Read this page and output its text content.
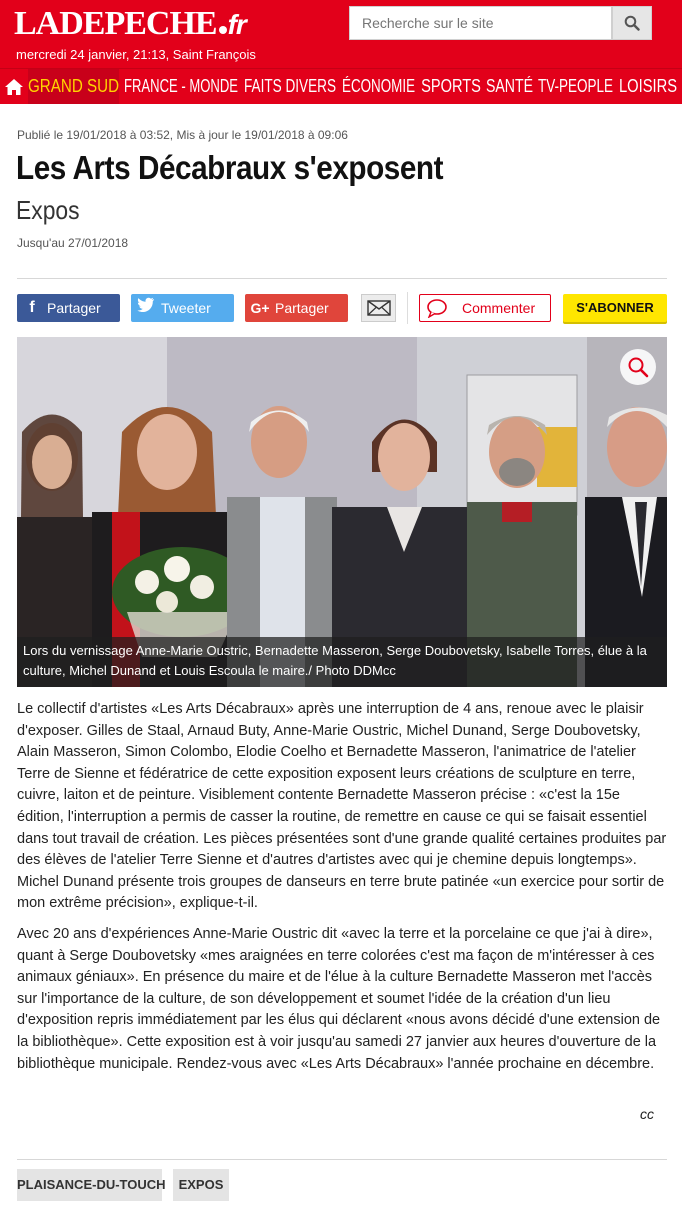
LADEPECHE fr
mercredi 24 janvier, 21:13, Saint François
Recherche sur le site
GRAND SUD FRANCE - MONDE FAITS DIVERS ÉCONOMIE SPORTS SANTÉ TV-PEOPLE LOISIRS
Publié le 19/01/2018 à 03:52, Mis à jour le 19/01/2018 à 09:06
Les Arts Décabraux s'exposent
Expos
Jusqu'au 27/01/2018
f Partager	Tweeter	G+ Partager	Commenter	S'ABONNER
Lors du vernissage Anne-Marie Oustric, Bernadette Masseron, Serge Doubovetsky, Isabelle Torres, élue à la culture, Michel Dunand et Louis Escoula le maire./ Photo DDMcc

Le collectif d'artistes «Les Arts Décabraux» après une interruption de 4 ans, renoue avec le plaisir d'exposer. Gilles de Staal, Arnaud Buty, Anne-Marie Oustric, Michel Dunand, Serge Doubovetsky, Alain Masseron, Simon Colombo, Elodie Coelho et Bernadette Masseron, l'animatrice de l'atelier Terre de Sienne et fédératrice de cette exposition exposent leurs créations de sculpture en terre, cuivre, laiton et de peinture. Visiblement contente Bernadette Masseron précise : «c'est la 15e édition, l'interruption a permis de casser la routine, de remettre en cause ce qui se faisait essentiel dans tout travail de création. Les pièces présentées sont d'une grande qualité certaines produites par des élèves de l'atelier Terre Sienne et d'autres d'artistes avec qui je chemine depuis longtemps». Michel Dunand présente trois groupes de danseurs en terre brute patinée «un exercice pour sortir de mon extrême précision», explique-t-il.

Avec 20 ans d'expériences Anne-Marie Oustric dit «avec la terre et la porcelaine ce que j'ai à dire», quant à Serge Doubovetsky «mes araignées en terre colorées c'est ma façon de m'intéresser à ces animaux géniaux». En présence du maire et de l'élue à la culture Bernadette Masseron met l'accès sur l'importance de la culture, de son développement et soumet l'idée de la création d'un lieu d'exposition repris immédiatement par les élus qui déclarent «nous avons décidé d'une extension de la bibliothèque». Cette exposition est à voir jusqu'au samedi 27 janvier aux heures d'ouverture de la bibliothèque municipale. Rendez-vous avec «Les Arts Décabraux» l'année prochaine en décembre.

cc
PLAISANCE-DU-TOUCH	EXPOS
